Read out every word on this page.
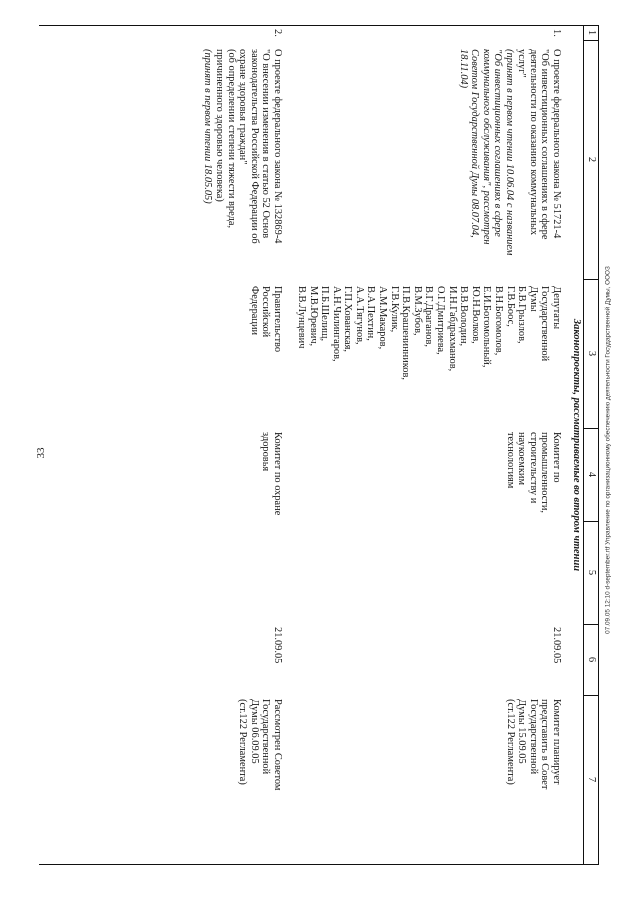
33
1
2
3
4
5
6
7
Законопроекты, рассматриваемые во втором чтении
1.
О проекте федерального закона № 51721-4
"Об инвестиционных соглашениях в сфере
деятельности по оказанию коммунальных
услуг"
(принят в первом чтении 10.06.04 с названием
"Об инвестиционных соглашениях в сфере
коммунального обслуживания", рассмотрен
Советом Государственной Думы 08.07.04,
18.11.04)
Депутаты
Государственной
Думы
Б.В.Грызлов,
Г.В.Боос,
В.Н.Богомолов,
Е.И.Богомольный,
Ю.Н.Волков,
В.В.Володин,
И.Н.Габдрахманов,
О.Г.Дмитриева,
В.Г.Драганов,
В.М.Зубов,
П.В.Крашенинников,
Г.В.Кулик,
А.М.Макаров,
В.А.Пехтин,
А.А.Тягунов,
Г.П.Хованская,
А.Н.Чилингаров,
П.Б.Шелищ,
М.В.Юревич,
В.В.Лунцевич
Комитет по
промышленности,
строительству и
наукоемким
технологиям
21.09.05
Комитет планирует
представить в Совет
Государственной
Думы 15.09.05
(ст.122 Регламента)
2.
О проекте федерального закона № 132869-4
"О внесении изменения в статью 52 Основ
законодательства Российской Федерации об
охране здоровья граждан"
(об определении степени тяжести вреда,
причиненного здоровью человека)
(принят в первом чтении 18.05.05)
Правительство
Российской
Федерации
Комитет по охране
здоровья
21.09.05
Рассмотрен Советом
Государственной
Думы 06.09.05
(ст.122 Регламента)
07.09.05 12:10 d-september.rtf Управление по организационному обеспечению деятельности Государственной Думы, ОООЗ
